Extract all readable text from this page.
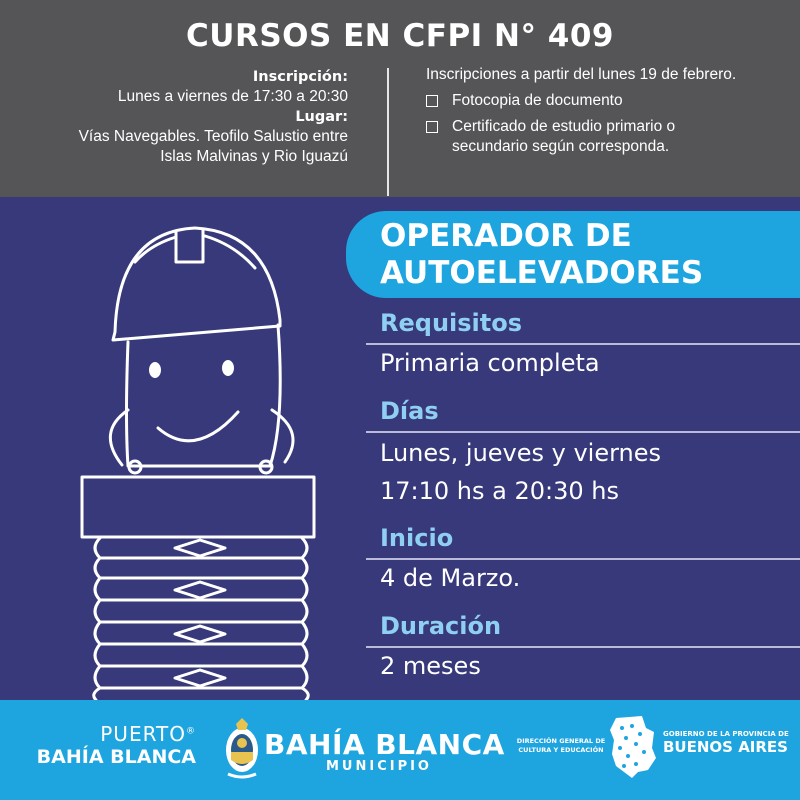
CURSOS EN CFPI N° 409
Inscripción:
Lunes a viernes de 17:30 a 20:30
Lugar:
Vías Navegables. Teofilo Salustio entre
Islas Malvinas y Rio Iguazú
Inscripciones a partir del lunes 19 de febrero.
Fotocopia de documento
Certificado de estudio primario o
secundario según corresponda.
OPERADOR DE
AUTOELEVADORES
Requisitos
Primaria completa
Días
Lunes, jueves y viernes
17:10 hs a 20:30 hs
Inicio
4 de Marzo.
Duración
2 meses
PUERTO®
BAHÍA BLANCA BAHÍA BLANCA
MUNICIPIO
DIRECCIÓN GENERAL DE
CULTURA Y EDUCACIÓN
GOBIERNO DE LA PROVINCIA DE
BUENOS AIRES
